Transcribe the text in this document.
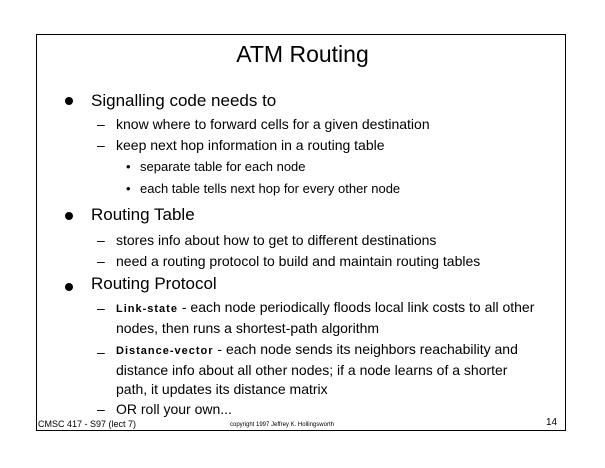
ATM Routing
Signalling code needs to
– know where to forward cells for a given destination
– keep next hop information in a routing table
• separate table for each node
• each table tells next hop for every other node
Routing Table
– stores info about how to get to different destinations
– need a routing protocol to build and maintain routing tables
Routing Protocol
– Link-state - each node periodically floods local link costs to all other nodes, then runs a shortest-path algorithm
– Distance-vector - each node sends its neighbors reachability and distance info about all other nodes; if a node learns of a shorter path, it updates its distance matrix
– OR roll your own...
CMSC 417 - S97 (lect 7)	copyright 1997 Jeffrey K. Hollingsworth	14
